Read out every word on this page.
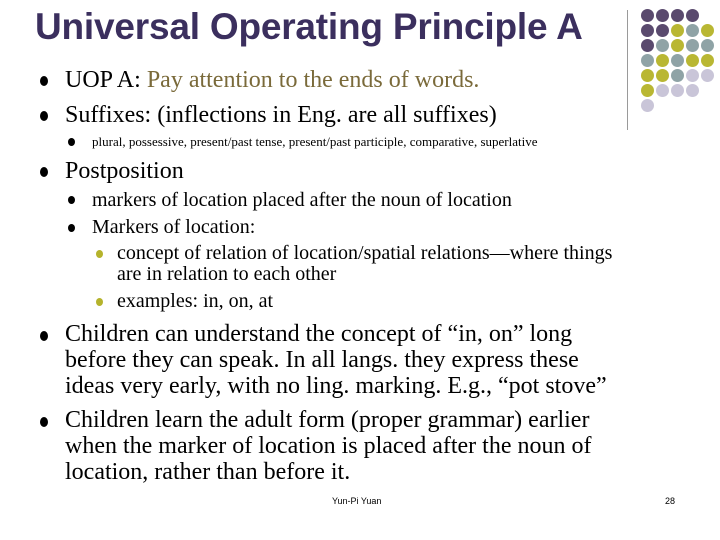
Universal Operating Principle A
UOP A: Pay attention to the ends of words.
Suffixes: (inflections in Eng. are all suffixes)
plural, possessive, present/past tense, present/past participle, comparative, superlative
Postposition
markers of location placed after the noun of location
Markers of location:
concept of relation of location/spatial relations—where things
are in relation to each other
examples: in, on, at
Children can understand the concept of “in, on” long
before they can speak. In all langs. they express these
ideas very early, with no ling. marking. E.g., “pot stove”
Children learn the adult form (proper grammar) earlier
when the marker of location is placed after the noun of
location, rather than before it.
Yun-Pi Yuan	28
